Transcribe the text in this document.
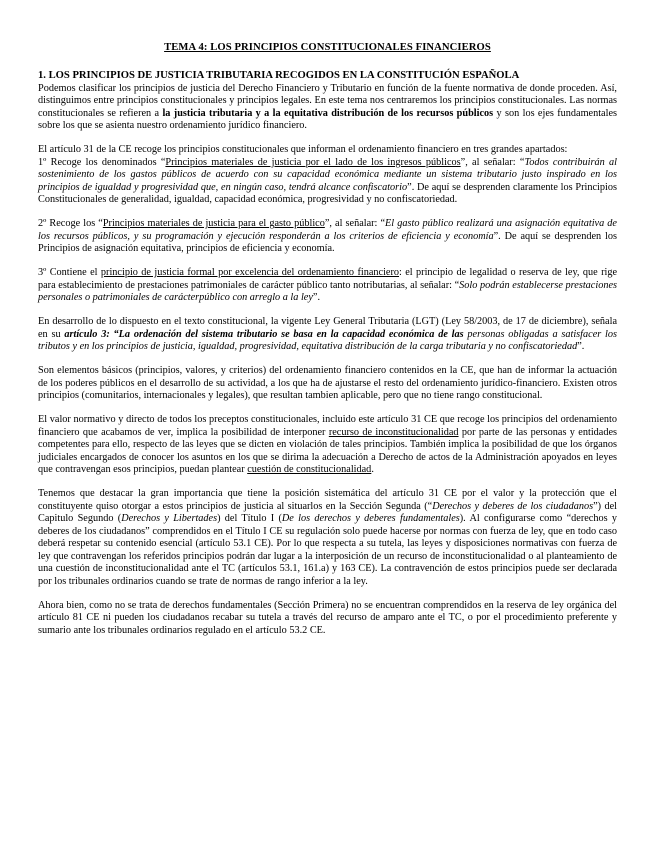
TEMA 4: LOS PRINCIPIOS CONSTITUCIONALES FINANCIEROS
1. LOS PRINCIPIOS DE JUSTICIA TRIBUTARIA RECOGIDOS EN LA CONSTITUCIÓN ESPAÑOLA

Podemos clasificar los principios de justicia del Derecho Financiero y Tributario en función de la fuente normativa de donde proceden. Así, distinguimos entre principios constitucionales y principios legales. En este tema nos centraremos los principios constitucionales. Las normas constitucionales se refieren a la justicia tributaria y a la equitativa distribución de los recursos públicos y son los ejes fundamentales sobre los que se asienta nuestro ordenamiento jurídico financiero.

El artículo 31 de la CE recoge los principios constitucionales que informan el ordenamiento financiero en tres grandes apartados:

1º Recoge los denominados “Principios materiales de justicia por el lado de los ingresos públicos”, al señalar: “Todos contribuirán al sostenimiento de los gastos públicos de acuerdo con su capacidad económica mediante un sistema tributario justo inspirado en los principios de igualdad y progresividad que, en ningún caso, tendrá alcance confiscatorio”. De aquí se desprenden claramente los Principios Constitucionales de generalidad, igualdad, capacidad económica, progresividad y no confiscatoriedad.

2º Recoge los “Principios materiales de justicia para el gasto público”, al señalar: “El gasto público realizará una asignación equitativa de los recursos públicos, y su programación y ejecución responderán a los criterios de eficiencia y economía”. De aquí se desprenden los Principios de asignación equitativa, principios de eficiencia y economía.

3º Contiene el principio de justicia formal por excelencia del ordenamiento financiero: el principio de legalidad o reserva de ley, que rige para establecimiento de prestaciones patrimoniales de carácter público tanto notributarias, al señalar: “Solo podrán establecerse prestaciones personales o patrimoniales de carácterpúblico con arreglo a la ley”.

En desarrollo de lo dispuesto en el texto constitucional, la vigente Ley General Tributaria (LGT) (Ley 58/2003, de 17 de diciembre), señala en su artículo 3: “La ordenación del sistema tributario se basa en la capacidad económica de las personas obligadas a satisfacer los tributos y en los principios de justicia, igualdad, progresividad, equitativa distribución de la carga tributaria y no confiscatoriedad”.

Son elementos básicos (principios, valores, y criterios) del ordenamiento financiero contenidos en la CE, que han de informar la actuación de los poderes públicos en el desarrollo de su actividad, a los que ha de ajustarse el resto del ordenamiento jurídico-financiero. Existen otros principios (comunitarios, internacionales y legales), que resultan tambien aplicable, pero que no tiene rango constitucional.

El valor normativo y directo de todos los preceptos constitucionales, incluido este artículo 31 CE que recoge los principios del ordenamiento financiero que acabamos de ver, implica la posibilidad de interponer recurso de inconstitucionalidad por parte de las personas y entidades competentes para ello, respecto de las leyes que se dicten en violación de tales principios. También implica la posibilidad de que los órganos judiciales encargados de conocer los asuntos en los que se dirima la adecuación a Derecho de actos de la Administración apoyados en leyes que contravengan esos principios, puedan plantear cuestión de constitucionalidad.

Tenemos que destacar la gran importancia que tiene la posición sistemática del artículo 31 CE por el valor y la protección que el constituyente quiso otorgar a estos principios de justicia al situarlos en la Sección Segunda (“Derechos y deberes de los ciudadanos”) del Capitulo Segundo (Derechos y Libertades) del Título I (De los derechos y deberes fundamentales). Al configurarse como “derechos y deberes de los ciudadanos” comprendidos en el Título I CE su regulación solo puede hacerse por normas con fuerza de ley, que en todo caso deberá respetar su contenido esencial (artículo 53.1 CE). Por lo que respecta a su tutela, las leyes y disposiciones normativas con fuerza de ley que contravengan los referidos principios podrán dar lugar a la interposición de un recurso de inconstitucionalidad o al planteamiento de una cuestión de inconstitucionalidad ante el TC (artículos 53.1, 161.a) y 163 CE). La contravención de estos principios puede ser declarada por los tribunales ordinarios cuando se trate de normas de rango inferior a la ley.

Ahora bien, como no se trata de derechos fundamentales (Sección Primera) no se encuentran comprendidos en la reserva de ley orgánica del artículo 81 CE ni pueden los ciudadanos recabar su tutela a través del recurso de amparo ante el TC, o por el procedimiento preferente y sumario ante los tribunales ordinarios regulado en el artículo 53.2 CE.
